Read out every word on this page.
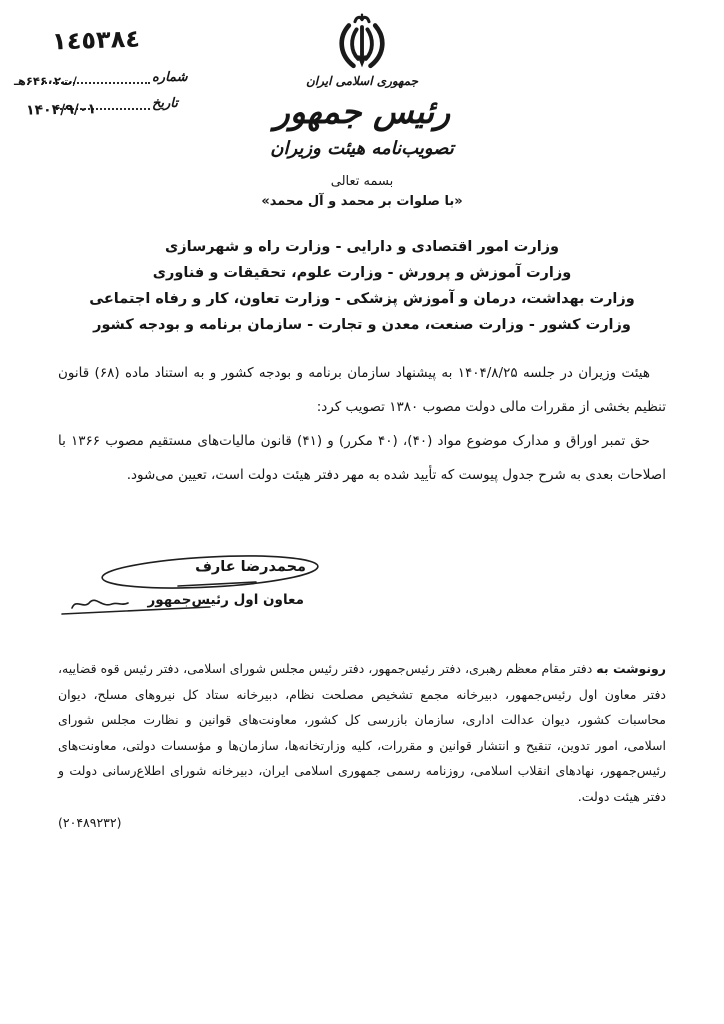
١٤٥٣٨٤
شماره
/ت۶۴۶۰۲هـ
تاریخ
۱۴۰۴/۹/۰۱
جمهوری اسلامی ایران
رئیس جمهور
تصویب‌نامه هیئت وزیران
بسمه تعالی
«با صلوات بر محمد و آل محمد»
وزارت امور اقتصادی و دارایی - وزارت راه و شهرسازی
وزارت آموزش و پرورش - وزارت علوم، تحقیقات و فناوری
وزارت بهداشت، درمان و آموزش پزشکی - وزارت تعاون، کار و رفاه اجتماعی
وزارت کشور - وزارت صنعت، معدن و تجارت - سازمان برنامه و بودجه کشور

هیئت وزیران در جلسه ۱۴۰۴/۸/۲۵ به پیشنهاد سازمان برنامه و بودجه کشور و به استناد ماده (۶۸) قانون تنظیم بخشی از مقررات مالی دولت مصوب ۱۳۸۰ تصویب کرد:

حق تمبر اوراق و مدارک موضوع مواد (۴۰)، (۴۰ مکرر) و (۴۱) قانون مالیات‌های مستقیم مصوب ۱۳۶۶ با اصلاحات بعدی به شرح جدول پیوست که تأیید شده به مهر دفتر هیئت دولت است، تعیین می‌شود.

محمدرضا عارف
معاون اول رئیس‌جمهور
رونوشت به دفتر مقام معظم رهبری، دفتر رئیس‌جمهور، دفتر رئیس مجلس شورای اسلامی، دفتر رئیس قوه قضاییه، دفتر معاون اول رئیس‌جمهور، دبیرخانه مجمع تشخیص مصلحت نظام، دبیرخانه ستاد کل نیروهای مسلح، دیوان محاسبات کشور، دیوان عدالت اداری، سازمان بازرسی کل کشور، معاونت‌های قوانین و نظارت مجلس شورای اسلامی، امور تدوین، تنقیح و انتشار قوانین و مقررات، کلیه وزارتخانه‌ها، سازمان‌ها و مؤسسات دولتی، معاونت‌های رئیس‌جمهور، نهادهای انقلاب اسلامی، روزنامه رسمی جمهوری اسلامی ایران، دبیرخانه شورای اطلاع‌رسانی دولت و دفتر هیئت دولت.
(۲۰۴۸۹۲۳۲)
